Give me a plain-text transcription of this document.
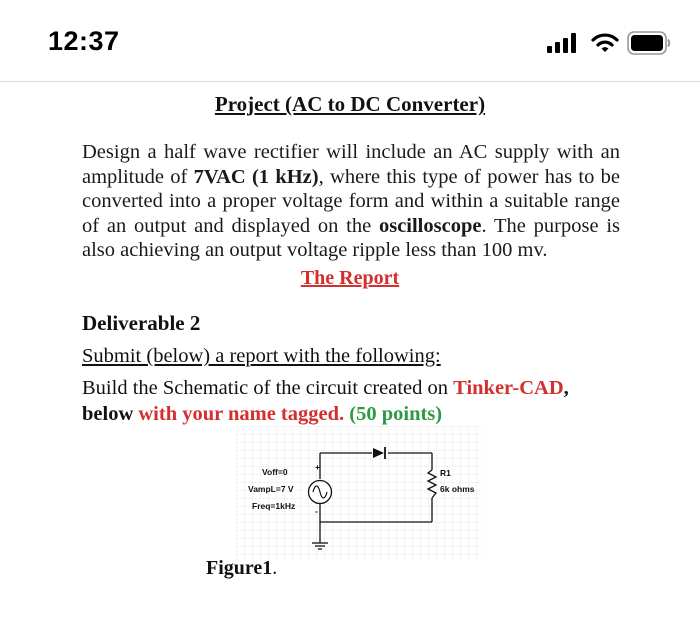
12:37
Project (AC to DC Converter)
Design a half wave rectifier will include an AC supply with an amplitude of 7VAC (1 kHz), where this type of power has to be converted into a proper voltage form and within a suitable range of an output and displayed on the oscilloscope. The purpose is also achieving an output voltage ripple less than 100 mv.
The Report
Deliverable 2
Submit (below) a report with the following:
Build the Schematic of the circuit created on Tinker-CAD,
below with your name tagged. (50 points)
+
-
Voff=0
VampL=7 V
Freq=1kHz
R1
6k ohms
Figure1.
